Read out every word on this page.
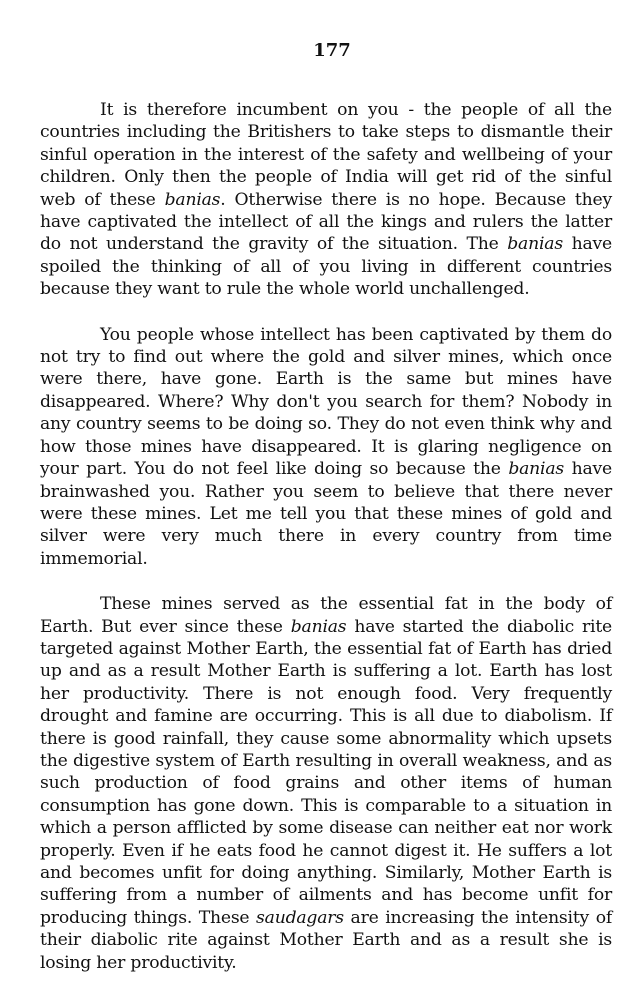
177

It is therefore incumbent on you - the people of all the countries including the Britishers to take steps to dismantle their sinful operation in the interest of the safety and wellbeing of your children. Only then the people of India will get rid of the sinful web of these banias. Otherwise there is no hope. Because they have captivated the intellect of all the kings and rulers the latter do not understand the gravity of the situation. The banias have spoiled the thinking of all of you living in different countries because they want to rule the whole world unchallenged.

You people whose intellect has been captivated by them do not try to find out where the gold and silver mines, which once were there, have gone. Earth is the same but mines have disappeared. Where? Why don't you search for them? Nobody in any country seems to be doing so. They do not even think why and how those mines have disappeared. It is glaring negligence on your part. You do not feel like doing so because the banias have brainwashed you. Rather you seem to believe that there never were these mines. Let me tell you that these mines of gold and silver were very much there in every country from time immemorial.

These mines served as the essential fat in the body of Earth. But ever since these banias have started the diabolic rite targeted against Mother Earth, the essential fat of Earth has dried up and as a result Mother Earth is suffering a lot. Earth has lost her productivity. There is not enough food. Very frequently drought and famine are occurring. This is all due to diabolism. If there is good rainfall, they cause some abnormality which upsets the digestive system of Earth resulting in overall weakness, and as such production of food grains and other items of human consumption has gone down. This is comparable to a situation in which a person afflicted by some disease can neither eat nor work properly. Even if he eats food he cannot digest it. He suffers a lot and becomes unfit for doing anything. Similarly, Mother Earth is suffering from a number of ailments and has become unfit for producing things. These saudagars are increasing the intensity of their diabolic rite against Mother Earth and as a result she is losing her productivity.
